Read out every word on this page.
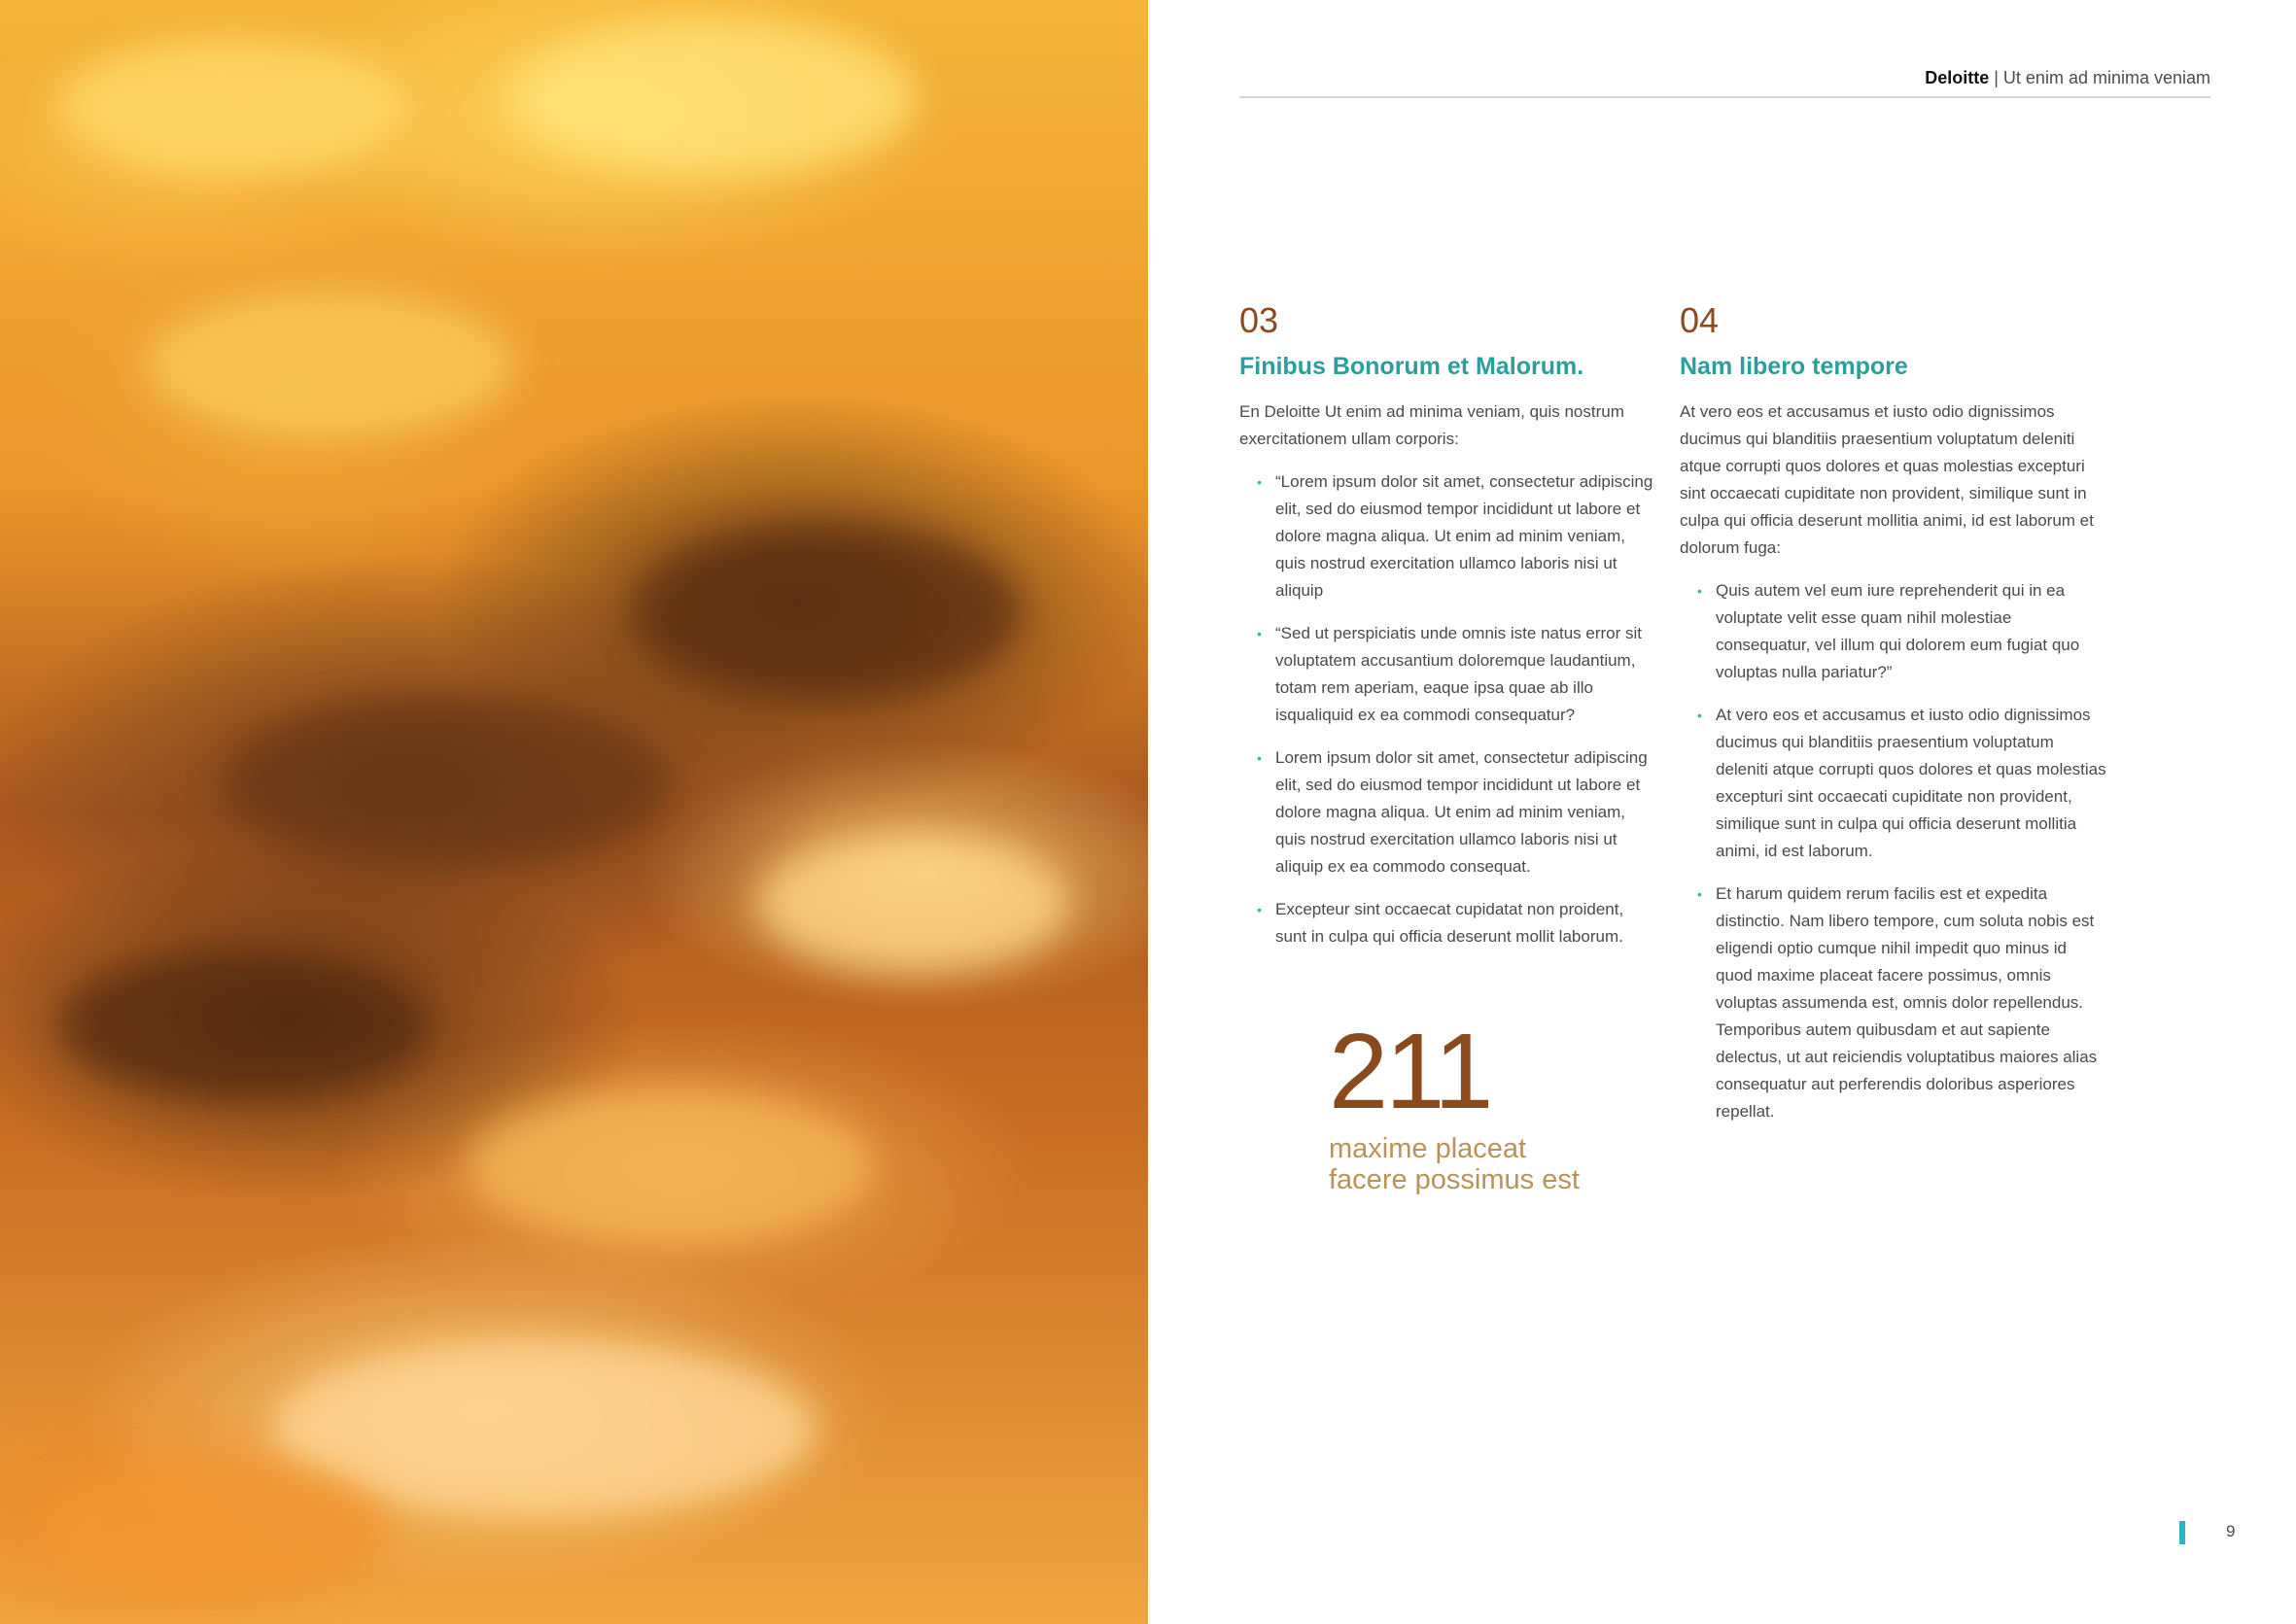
Deloitte | Ut enim ad minima veniam
03
Finibus Bonorum et Malorum.

En Deloitte Ut enim ad minima veniam, quis nostrum exercitationem ullam corporis:

• “Lorem ipsum dolor sit amet, consectetur adipiscing elit, sed do eiusmod tempor incididunt ut labore et dolore magna aliqua. Ut enim ad minim veniam, quis nostrud exercitation ullamco laboris nisi ut aliquip
• “Sed ut perspiciatis unde omnis iste natus error sit voluptatem accusantium doloremque laudantium, totam rem aperiam, eaque ipsa quae ab illo isqualiquid ex ea commodi consequatur?
• Lorem ipsum dolor sit amet, consectetur adipiscing elit, sed do eiusmod tempor incididunt ut labore et dolore magna aliqua. Ut enim ad minim veniam, quis nostrud exercitation ullamco laboris nisi ut aliquip ex ea commodo consequat.
• Excepteur sint occaecat cupidatat non proident, sunt in culpa qui officia deserunt mollit laborum.
04
Nam libero tempore

At vero eos et accusamus et iusto odio dignissimos ducimus qui blanditiis praesentium voluptatum deleniti atque corrupti quos dolores et quas molestias excepturi sint occaecati cupiditate non provident, similique sunt in culpa qui officia deserunt mollitia animi, id est laborum et dolorum fuga:

• Quis autem vel eum iure reprehenderit qui in ea voluptate velit esse quam nihil molestiae consequatur, vel illum qui dolorem eum fugiat quo voluptas nulla pariatur?”
• At vero eos et accusamus et iusto odio dignissimos ducimus qui blanditiis praesentium voluptatum deleniti atque corrupti quos dolores et quas molestias excepturi sint occaecati cupiditate non provident, similique sunt in culpa qui officia deserunt mollitia animi, id est laborum.
• Et harum quidem rerum facilis est et expedita distinctio. Nam libero tempore, cum soluta nobis est eligendi optio cumque nihil impedit quo minus id quod maxime placeat facere possimus, omnis voluptas assumenda est, omnis dolor repellendus. Temporibus autem quibusdam et aut sapiente delectus, ut aut reiciendis voluptatibus maiores alias consequatur aut perferendis doloribus asperiores repellat.
211
maxime placeat
facere possimus est
9
